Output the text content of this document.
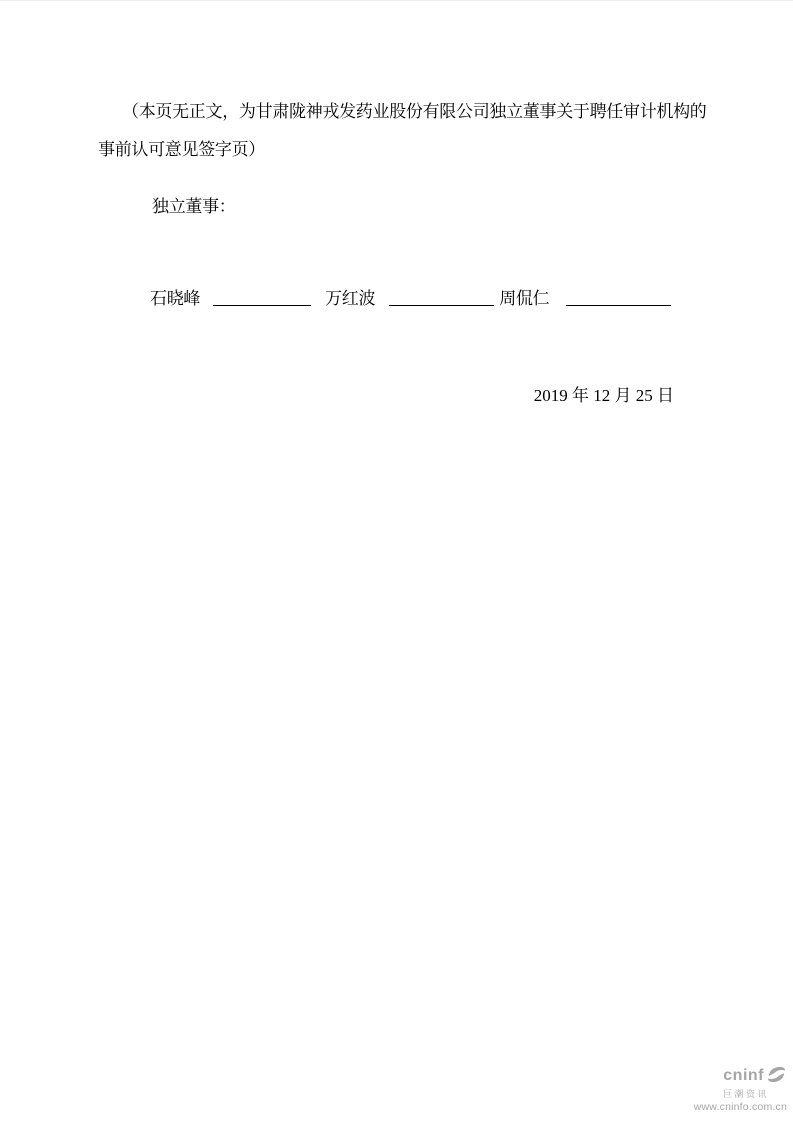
（本页无正文，为甘肃陇神戎发药业股份有限公司独立董事关于聘任审计机构的
事前认可意见签字页）
独立董事：
石晓峰	万红波	周侃仁
2019 年 12 月 25 日
cninf
巨潮资讯
www.cninfo.com.cn
